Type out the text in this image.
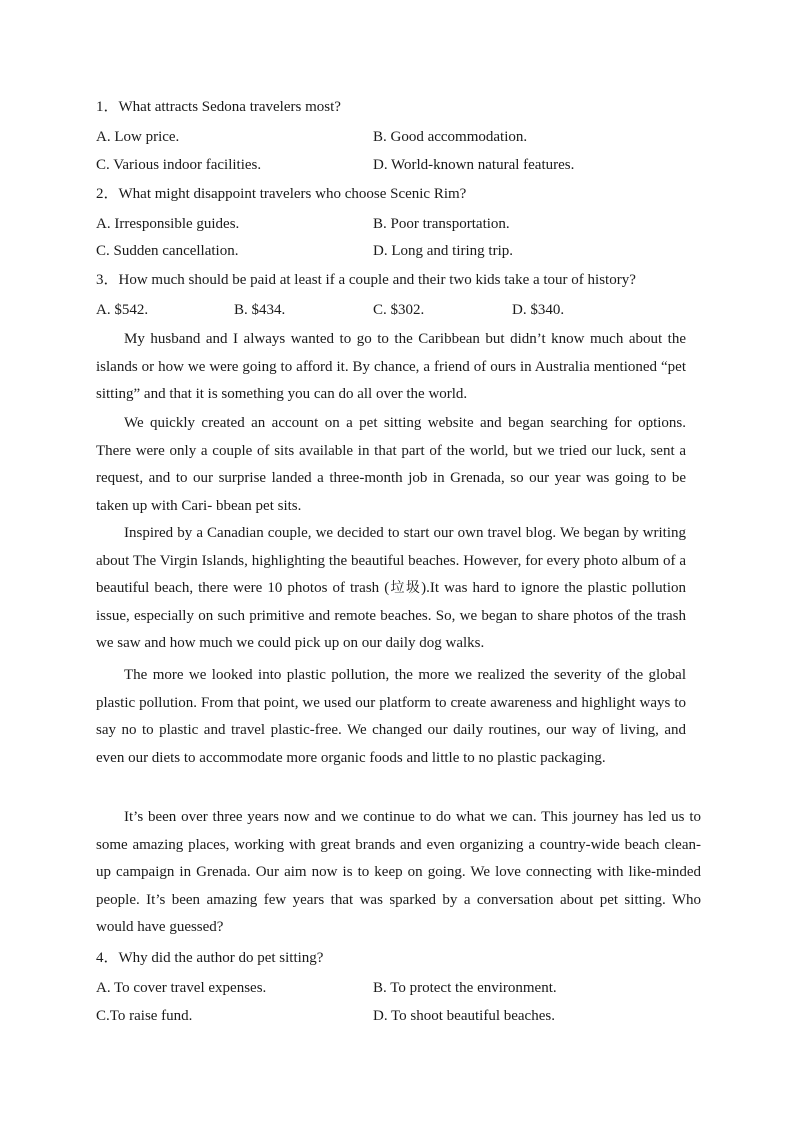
1．What attracts Sedona travelers most?
A. Low price.	B. Good accommodation.
C. Various indoor facilities.	D. World-known natural features.
2．What might disappoint travelers who choose Scenic Rim?
A. Irresponsible guides.	B. Poor transportation.
C. Sudden cancellation.	D. Long and tiring trip.
3．How much should be paid at least if a couple and their two kids take a tour of history?
A. $542.	B. $434.	C. $302.	D. $340.
My husband and I always wanted to go to the Caribbean but didn’t know much about the islands or how we were going to afford it. By chance, a friend of ours in Australia mentioned “pet sitting” and that it is something you can do all over the world.
We quickly created an account on a pet sitting website and began searching for options. There were only a couple of sits available in that part of the world, but we tried our luck, sent a request, and to our surprise landed a three-month job in Grenada, so our year was going to be taken up with Cari- bbean pet sits.
Inspired by a Canadian couple, we decided to start our own travel blog. We began by writing about The Virgin Islands, highlighting the beautiful beaches. However, for every photo album of a beautiful beach, there were 10 photos of trash (垃圾).It was hard to ignore the plastic pollution issue, especially on such primitive and remote beaches. So, we began to share photos of the trash we saw and how much we could pick up on our daily dog walks.
The more we looked into plastic pollution, the more we realized the severity of the global plastic pollution. From that point, we used our platform to create awareness and highlight ways to say no to plastic and travel plastic-free. We changed our daily routines, our way of living, and even our diets to accommodate more organic foods and little to no plastic packaging.
It’s been over three years now and we continue to do what we can. This journey has led us to some amazing places, working with great brands and even organizing a country-wide beach clean-up campaign in Grenada. Our aim now is to keep on going. We love connecting with like-minded people. It’s been amazing few years that was sparked by a conversation about pet sitting. Who would have guessed?
4．Why did the author do pet sitting?
A. To cover travel expenses.	B. To protect the environment.
C.To raise fund.	D. To shoot beautiful beaches.
